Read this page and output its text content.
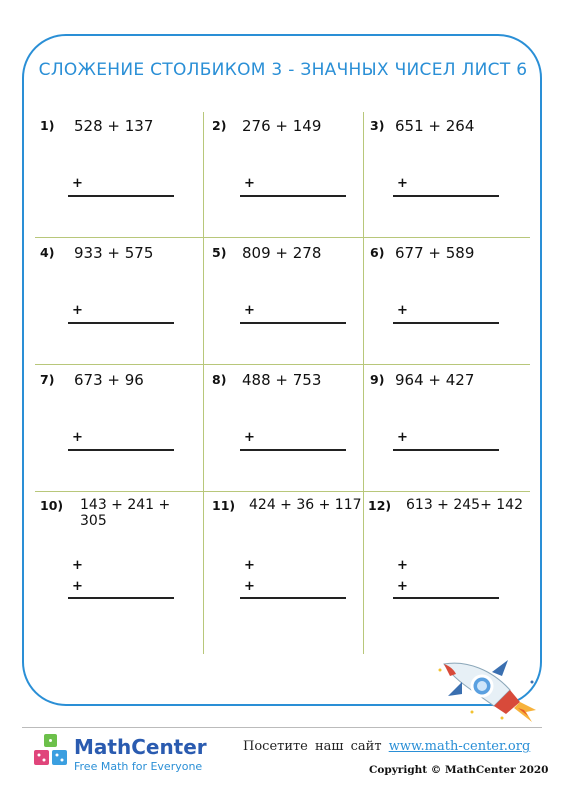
СЛОЖЕНИЕ СТОЛБИКОМ 3 - ЗНАЧНЫХ ЧИСЕЛ ЛИСТ 6
1) 528 + 137
+
2) 276 + 149
+
3) 651 + 264
+
4) 933 + 575
+
5) 809 + 278
+
6) 677 + 589
+
7) 673 + 96
+
8) 488 + 753
+
9) 964 + 427
+
10) 143 + 241 + 305
+
+
11) 424 + 36 + 117
+
+
12) 613 + 245+ 142
+
+
MathCenter
Free Math for Everyone
Посетите наш сайт www.math-center.org
Copyright © MathCenter 2020
